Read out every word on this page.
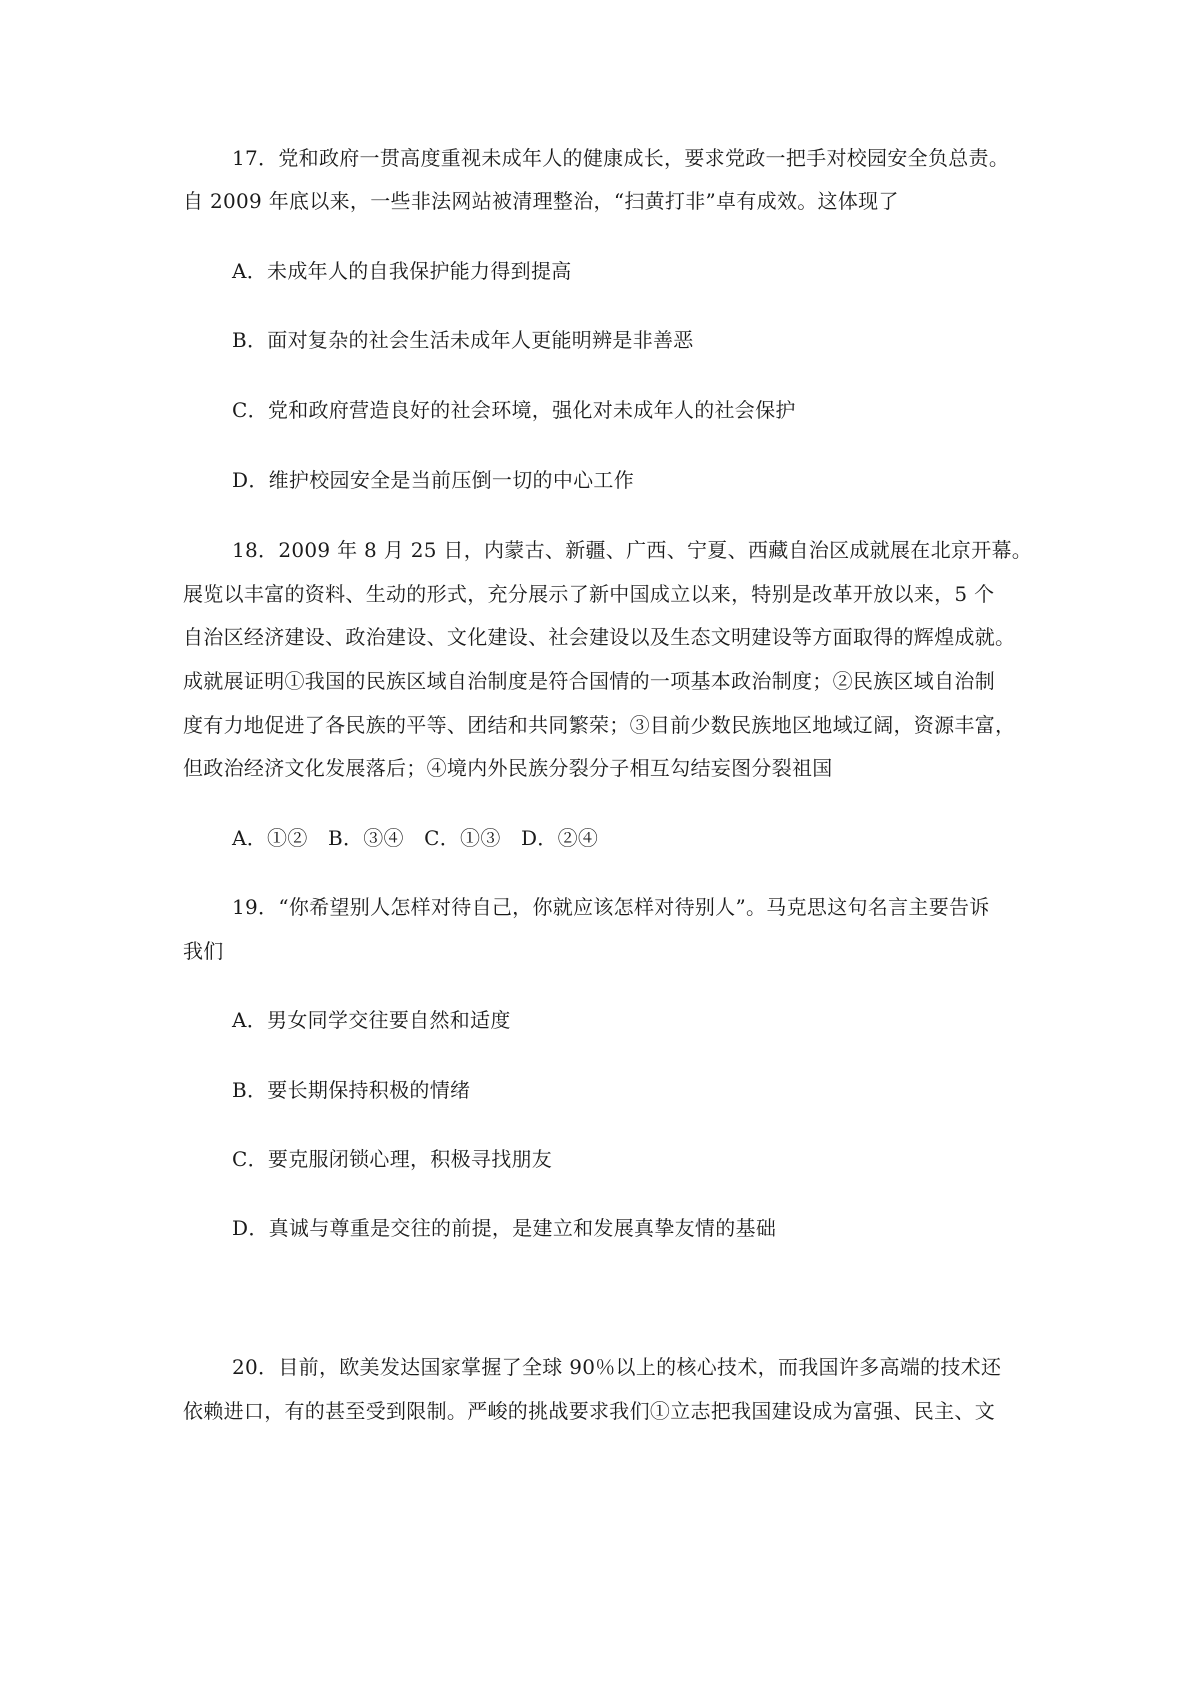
17．党和政府一贯高度重视未成年人的健康成长，要求党政一把手对校园安全负总责。
自 2009 年底以来，一些非法网站被清理整治，“扫黄打非”卓有成效。这体现了
A．未成年人的自我保护能力得到提高
B．面对复杂的社会生活未成年人更能明辨是非善恶
C．党和政府营造良好的社会环境，强化对未成年人的社会保护
D．维护校园安全是当前压倒一切的中心工作
18．2009 年 8 月 25 日，内蒙古、新疆、广西、宁夏、西藏自治区成就展在北京开幕。
展览以丰富的资料、生动的形式，充分展示了新中国成立以来，特别是改革开放以来，5 个
自治区经济建设、政治建设、文化建设、社会建设以及生态文明建设等方面取得的辉煌成就。
成就展证明①我国的民族区域自治制度是符合国情的一项基本政治制度；②民族区域自治制
度有力地促进了各民族的平等、团结和共同繁荣；③目前少数民族地区地域辽阔，资源丰富，
但政治经济文化发展落后；④境内外民族分裂分子相互勾结妄图分裂祖国
A．①②　B．③④　C．①③　D．②④
19．“你希望别人怎样对待自己，你就应该怎样对待别人”。马克思这句名言主要告诉
我们
A．男女同学交往要自然和适度
B．要长期保持积极的情绪
C．要克服闭锁心理，积极寻找朋友
D．真诚与尊重是交往的前提，是建立和发展真挚友情的基础
20．目前，欧美发达国家掌握了全球 90％以上的核心技术，而我国许多高端的技术还
依赖进口，有的甚至受到限制。严峻的挑战要求我们①立志把我国建设成为富强、民主、文
